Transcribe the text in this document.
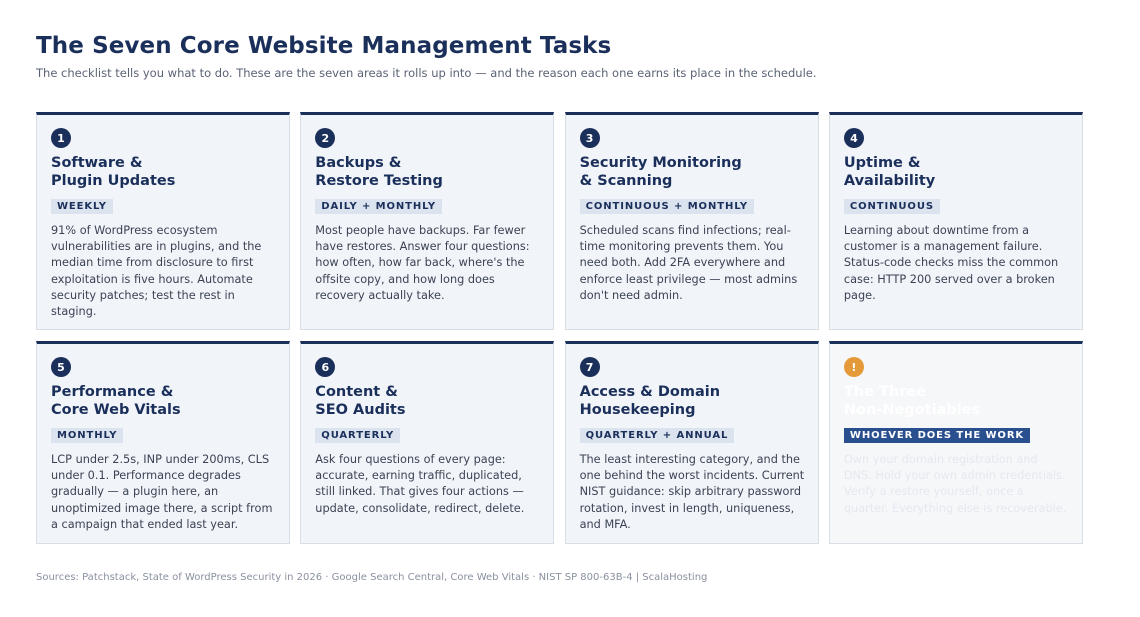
The Seven Core Website Management Tasks

The checklist tells you what to do. These are the seven areas it rolls up into — and the reason each one earns its place in the schedule.

1
Software &
Plugin Updates
WEEKLY

91% of WordPress ecosystem vulnerabilities are in plugins, and the median time from disclosure to first exploitation is five hours. Automate security patches; test the rest in staging.

2
Backups &
Restore Testing
DAILY + MONTHLY

Most people have backups. Far fewer have restores. Answer four questions: how often, how far back, where's the offsite copy, and how long does recovery actually take.

3
Security Monitoring
& Scanning
CONTINUOUS + MONTHLY

Scheduled scans find infections; real-time monitoring prevents them. You need both. Add 2FA everywhere and enforce least privilege — most admins don't need admin.

4
Uptime &
Availability
CONTINUOUS

Learning about downtime from a customer is a management failure. Status-code checks miss the common case: HTTP 200 served over a broken page.

5
Performance &
Core Web Vitals
MONTHLY

LCP under 2.5s, INP under 200ms, CLS under 0.1. Performance degrades gradually — a plugin here, an unoptimized image there, a script from a campaign that ended last year.

6
Content &
SEO Audits
QUARTERLY

Ask four questions of every page: accurate, earning traffic, duplicated, still linked. That gives four actions — update, consolidate, redirect, delete.

7
Access & Domain
Housekeeping
QUARTERLY + ANNUAL

The least interesting category, and the one behind the worst incidents. Current NIST guidance: skip arbitrary password rotation, invest in length, uniqueness, and MFA.

!
The Three
Non-Negotiables
WHOEVER DOES THE WORK

Own your domain registration and DNS. Hold your own admin credentials. Verify a restore yourself, once a quarter. Everything else is recoverable.

Sources: Patchstack, State of WordPress Security in 2026 · Google Search Central, Core Web Vitals · NIST SP 800-63B-4 | ScalaHosting
